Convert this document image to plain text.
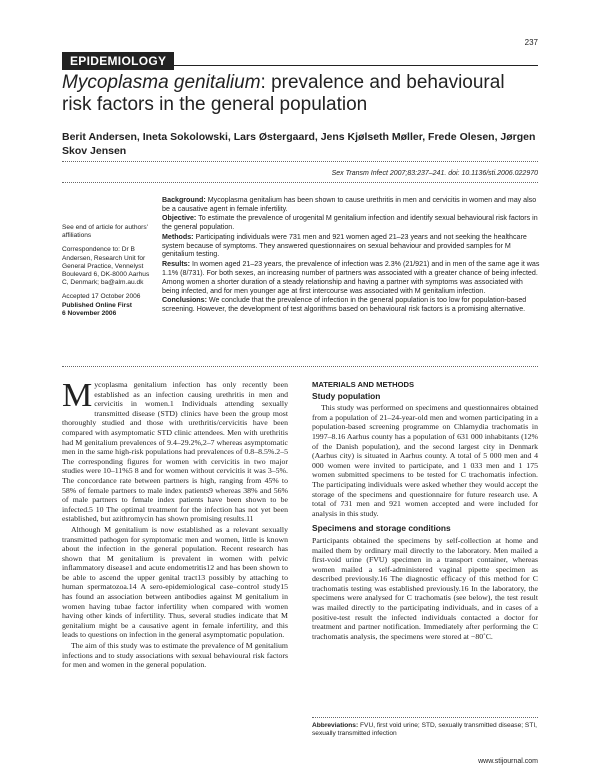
237
EPIDEMIOLOGY
Mycoplasma genitalium: prevalence and behavioural risk factors in the general population
Berit Andersen, Ineta Sokolowski, Lars Østergaard, Jens Kjølseth Møller, Frede Olesen, Jørgen Skov Jensen
Sex Transm Infect 2007;83:237–241. doi: 10.1136/sti.2006.022970

See end of article for authors' affiliations

Correspondence to: Dr B Andersen, Research Unit for General Practice, Vennelyst Boulevard 6, DK-8000 Aarhus C, Denmark; ba@alm.au.dk

Accepted 17 October 2006
Published Online First
6 November 2006

Background: Mycoplasma genitalium has been shown to cause urethritis in men and cervicitis in women and may also be a causative agent in female infertility.

Objective: To estimate the prevalence of urogenital M genitalium infection and identify sexual behavioural risk factors in the general population.

Methods: Participating individuals were 731 men and 921 women aged 21–23 years and not seeking the healthcare system because of symptoms. They answered questionnaires on sexual behaviour and provided samples for M genitalium testing.

Results: In women aged 21–23 years, the prevalence of infection was 2.3% (21/921) and in men of the same age it was 1.1% (8/731). For both sexes, an increasing number of partners was associated with a greater chance of being infected. Among women a shorter duration of a steady relationship and having a partner with symptoms was associated with being infected, and for men younger age at first intercourse was associated with M genitalium infection.

Conclusions: We conclude that the prevalence of infection in the general population is too low for population-based screening. However, the development of test algorithms based on behavioural risk factors is a promising alternative.

Mycoplasma genitalium infection has only recently been established as an infection causing urethritis in men and cervicitis in women.1 Individuals attending sexually transmitted disease (STD) clinics have been the group most thoroughly studied and those with urethritis/cervicitis have been compared with asymptomatic STD clinic attendees. Men with urethritis had M genitalium prevalences of 9.4–29.2%,2–7 whereas asymptomatic men in the same high-risk populations had prevalences of 0.8–8.5%.2–5 The corresponding figures for women with cervicitis in two major studies were 10–11%5 8 and for women without cervicitis it was 3–5%. The concordance rate between partners is high, ranging from 45% to 58% of female partners to male index patients9 whereas 38% and 56% of male partners to female index patients have been shown to be infected.5 10 The optimal treatment for the infection has not yet been established, but azithromycin has shown promising results.11

Although M genitalium is now established as a relevant sexually transmitted pathogen for symptomatic men and women, little is known about the infection in the general population. Recent research has shown that M genitalium is prevalent in women with pelvic inflammatory disease1 and acute endometritis12 and has been shown to be able to ascend the upper genital tract13 possibly by attaching to human spermatozoa.14 A sero-epidemiological case–control study15 has found an association between antibodies against M genitalium in women having tubae factor infertility when compared with women having other kinds of infertility. Thus, several studies indicate that M genitalium might be a causative agent in female infertility, and this leads to questions on infection in the general asymptomatic population.

The aim of this study was to estimate the prevalence of M genitalium infections and to study associations with sexual behavioural risk factors for men and women in the general population.

MATERIALS AND METHODS

Study population

This study was performed on specimens and questionnaires obtained from a population of 21–24-year-old men and women participating in a population-based screening programme on Chlamydia trachomatis in 1997–8.16 Aarhus county has a population of 631 000 inhabitants (12% of the Danish population), and the second largest city in Denmark (Aarhus city) is situated in Aarhus county. A total of 5 000 men and 4 000 women were invited to participate, and 1 033 men and 1 175 women submitted specimens to be tested for C trachomatis infection. The participating individuals were asked whether they would accept the storage of the specimens and questionnaire for future research use. A total of 731 men and 921 women accepted and were included for analysis in this study.

Specimens and storage conditions

Participants obtained the specimens by self-collection at home and mailed them by ordinary mail directly to the laboratory. Men mailed a first-void urine (FVU) specimen in a transport container, whereas women mailed a self-administered vaginal pipette specimen as described previously.16 The diagnostic efficacy of this method for C trachomatis testing was established previously.16 In the laboratory, the specimens were analysed for C trachomatis (see below), the test result was mailed directly to the participating individuals, and in cases of a positive-test result the infected individuals contacted a doctor for treatment and partner notification. Immediately after performing the C trachomatis analysis, the specimens were stored at −80˚C.

Abbreviations: FVU, first void urine; STD, sexually transmitted disease; STI, sexually transmitted infection
www.stijournal.com
